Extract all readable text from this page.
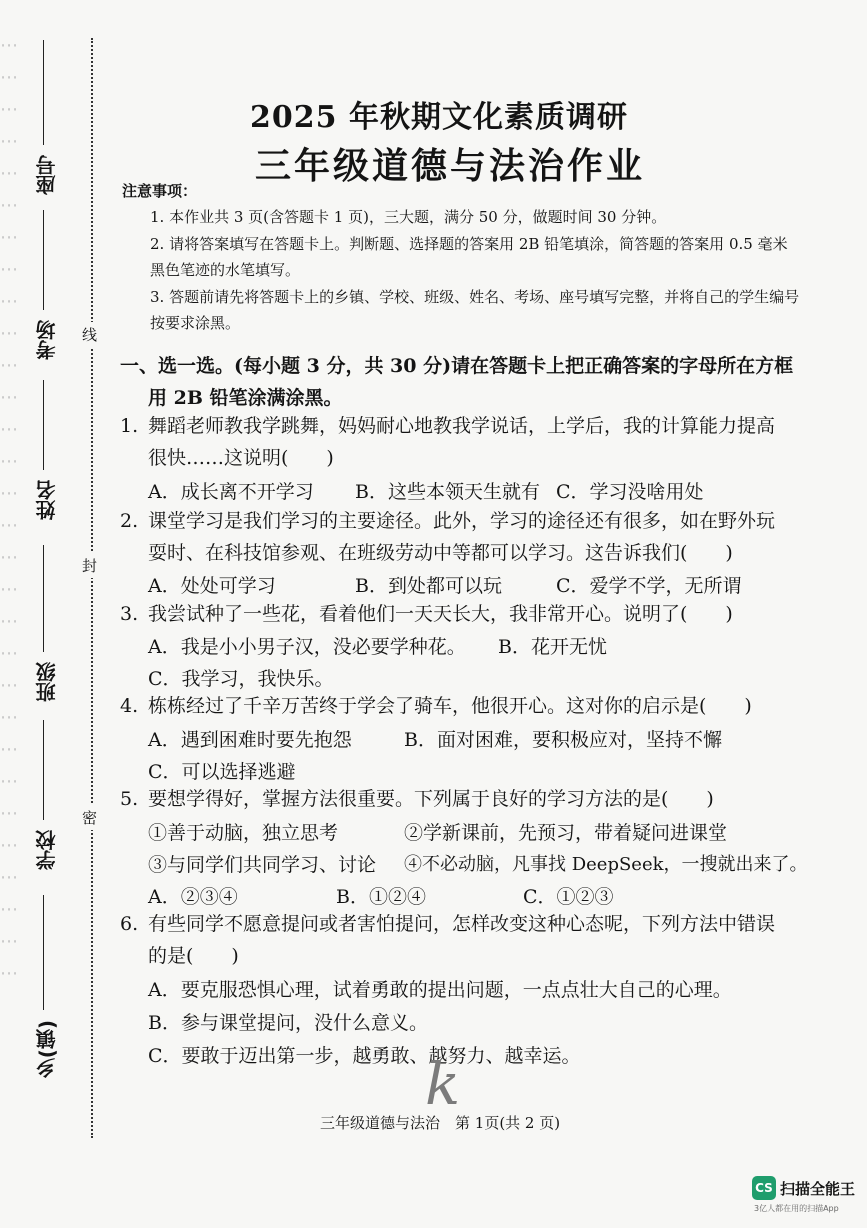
⋯
⋯
⋯
⋯
⋯
⋯
⋯
⋯
⋯
⋯
⋯
⋯
⋯
⋯
⋯
⋯
⋯
⋯
⋯
⋯
⋯
⋯
⋯
⋯
⋯
⋯
⋯
⋯
⋯
⋯
座号
考场
姓名
班级
学校
乡(镇)
线
封
密
2025 年秋期文化素质调研
三年级道德与法治作业
注意事项：
1. 本作业共 3 页(含答题卡 1 页)，三大题，满分 50 分，做题时间 30 分钟。
2. 请将答案填写在答题卡上。判断题、选择题的答案用 2B 铅笔填涂，简答题的答案用 0.5 毫米黑色笔迹的水笔填写。
3. 答题前请先将答题卡上的乡镇、学校、班级、姓名、考场、座号填写完整，并将自己的学生编号按要求涂黑。
一、选一选。(每小题 3 分，共 30 分)请在答题卡上把正确答案的字母所在方框
用 2B 铅笔涂满涂黑。
1. 舞蹈老师教我学跳舞，妈妈耐心地教我学说话，上学后，我的计算能力提高
很快……这说明(　　)
A．成长离不开学习 B．这些本领天生就有 C．学习没啥用处
2. 课堂学习是我们学习的主要途径。此外，学习的途径还有很多，如在野外玩
耍时、在科技馆参观、在班级劳动中等都可以学习。这告诉我们(　　)
A．处处可学习	B．到处都可以玩	C．爱学不学，无所谓
3. 我尝试种了一些花，看着他们一天天长大，我非常开心。说明了(　　)
A．我是小小男子汉，没必要学种花。 B．花开无忧
C．我学习，我快乐。
4. 栋栋经过了千辛万苦终于学会了骑车，他很开心。这对你的启示是(　　)
A．遇到困难时要先抱怨	B．面对困难，要积极应对，坚持不懈
C．可以选择逃避
5. 要想学得好，掌握方法很重要。下列属于良好的学习方法的是(　　)
①善于动脑，独立思考	②学新课前，先预习，带着疑问进课堂
③与同学们共同学习、讨论 ④不必动脑，凡事找 DeepSeek，一搜就出来了。
A．②③④	B．①②④	C．①②③
6. 有些同学不愿意提问或者害怕提问，怎样改变这种心态呢，下列方法中错误
的是(　　)
A．要克服恐惧心理，试着勇敢的提出问题，一点点壮大自己的心理。
B．参与课堂提问，没什么意义。
C．要敢于迈出第一步，越勇敢、越努力、越幸运。
k
三年级道德与法治　第 1页(共 2 页)
CS 扫描全能王
3亿人都在用的扫描App
